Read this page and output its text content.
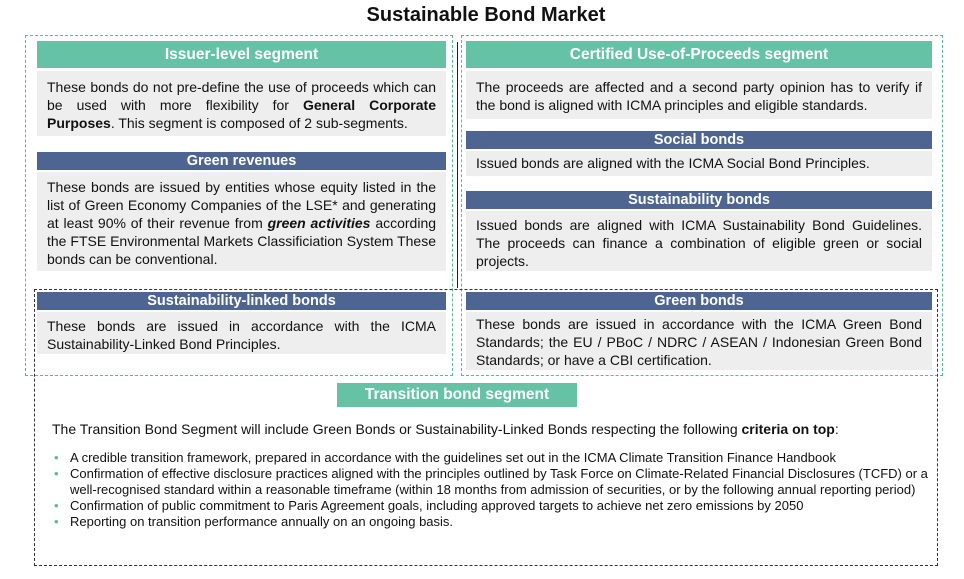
Sustainable Bond Market
Issuer-level segment
These bonds do not pre-define the use of proceeds which can be used with more flexibility for General Corporate Purposes. This segment is composed of 2 sub-segments.
Green revenues
These bonds are issued by entities whose equity listed in the list of Green Economy Companies of the LSE* and generating at least 90% of their revenue from green activities according the FTSE Environmental Markets Classificiation System These bonds can be conventional.
Sustainability-linked bonds
These bonds are issued in accordance with the ICMA Sustainability-Linked Bond Principles.
Certified Use-of-Proceeds segment
The proceeds are affected and a second party opinion has to verify if the bond is aligned with ICMA principles and eligible standards.
Social bonds
Issued bonds are aligned with the ICMA Social Bond Principles.
Sustainability bonds
Issued bonds are aligned with ICMA Sustainability Bond Guidelines. The proceeds can finance a combination of eligible green or social projects.
Green bonds
These bonds are issued in accordance with the ICMA Green Bond Standards; the EU / PBoC / NDRC / ASEAN / Indonesian Green Bond Standards; or have a CBI certification.
Transition bond segment
The Transition Bond Segment will include Green Bonds or Sustainability-Linked Bonds respecting the following criteria on top:
• A credible transition framework, prepared in accordance with the guidelines set out in the ICMA Climate Transition Finance Handbook
• Confirmation of effective disclosure practices aligned with the principles outlined by Task Force on Climate-Related Financial Disclosures (TCFD) or a well-recognised standard within a reasonable timeframe (within 18 months from admission of securities, or by the following annual reporting period)
• Confirmation of public commitment to Paris Agreement goals, including approved targets to achieve net zero emissions by 2050
• Reporting on transition performance annually on an ongoing basis.
